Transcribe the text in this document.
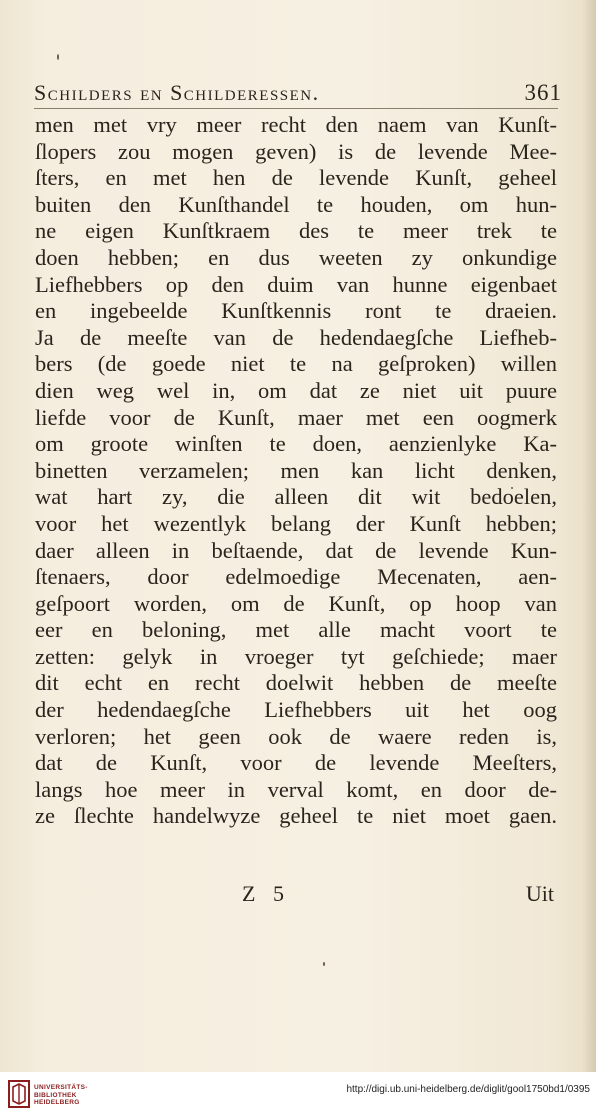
Schilders en Schilderessen.	361
men met vry meer recht den naem van Kunſt-
ſlopers zou mogen geven) is de levende Mee-
ſters, en met hen de levende Kunſt, geheel
buiten den Kunſthandel te houden, om hun-
ne eigen Kunſtkraem des te meer trek te
doen hebben; en dus weeten zy onkundige
Liefhebbers op den duim van hunne eigenbaet
en ingebeelde Kunſtkennis ront te draeien.
Ja de meeſte van de hedendaegſche Liefheb-
bers (de goede niet te na geſproken) willen
dien weg wel in, om dat ze niet uit puure
liefde voor de Kunſt, maer met een oogmerk
om groote winſten te doen, aenzienlyke Ka-
binetten verzamelen; men kan licht denken,
wat hart zy, die alleen dit wit bedoelen,
voor het wezentlyk belang der Kunſt hebben;
daer alleen in beſtaende, dat de levende Kun-
ſtenaers, door edelmoedige Mecenaten, aen-
geſpoort worden, om de Kunſt, op hoop van
eer en beloning, met alle macht voort te
zetten: gelyk in vroeger tyt geſchiede; maer
dit echt en recht doelwit hebben de meeſte
der hedendaegſche Liefhebbers uit het oog
verloren; het geen ook de waere reden is,
dat de Kunſt, voor de levende Meeſters,
langs hoe meer in verval komt, en door de-
ze ſlechte handelwyze geheel te niet moet gaen.
Z 5	Uit
UNIVERSITÄTS-
BIBLIOTHEK
HEIDELBERG
http://digi.ub.uni-heidelberg.de/diglit/gool1750bd1/0395
